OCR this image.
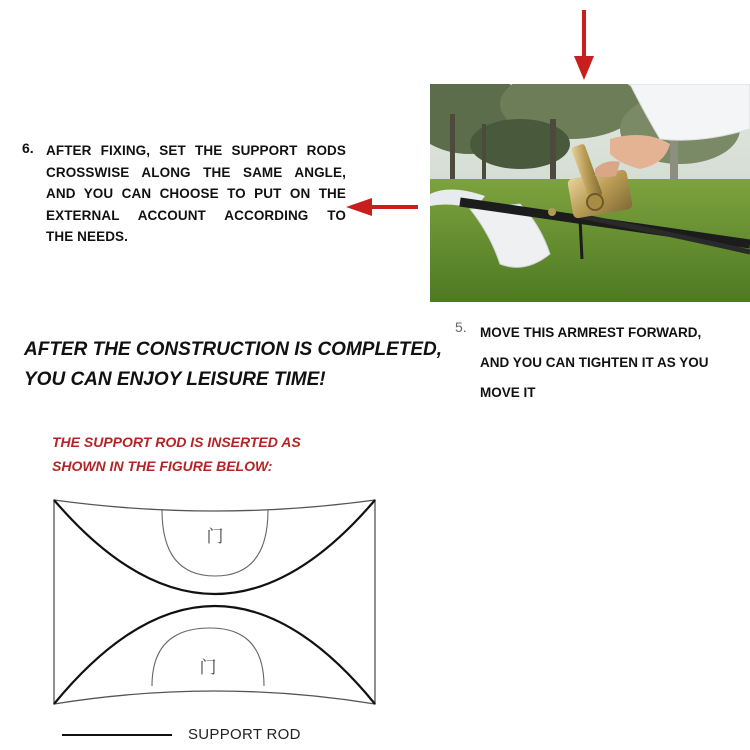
6. AFTER FIXING, SET THE SUPPORT RODS
CROSSWISE ALONG THE SAME ANGLE,
AND YOU CAN CHOOSE TO PUT ON THE
EXTERNAL ACCOUNT ACCORDING TO
THE NEEDS.

5. MOVE THIS ARMREST FORWARD,
AND YOU CAN TIGHTEN IT AS YOU
MOVE IT

AFTER THE CONSTRUCTION IS COMPLETED,
YOU CAN ENJOY LEISURE TIME!

THE SUPPORT ROD IS INSERTED AS
SHOWN IN THE FIGURE BELOW:

门
门
SUPPORT ROD
